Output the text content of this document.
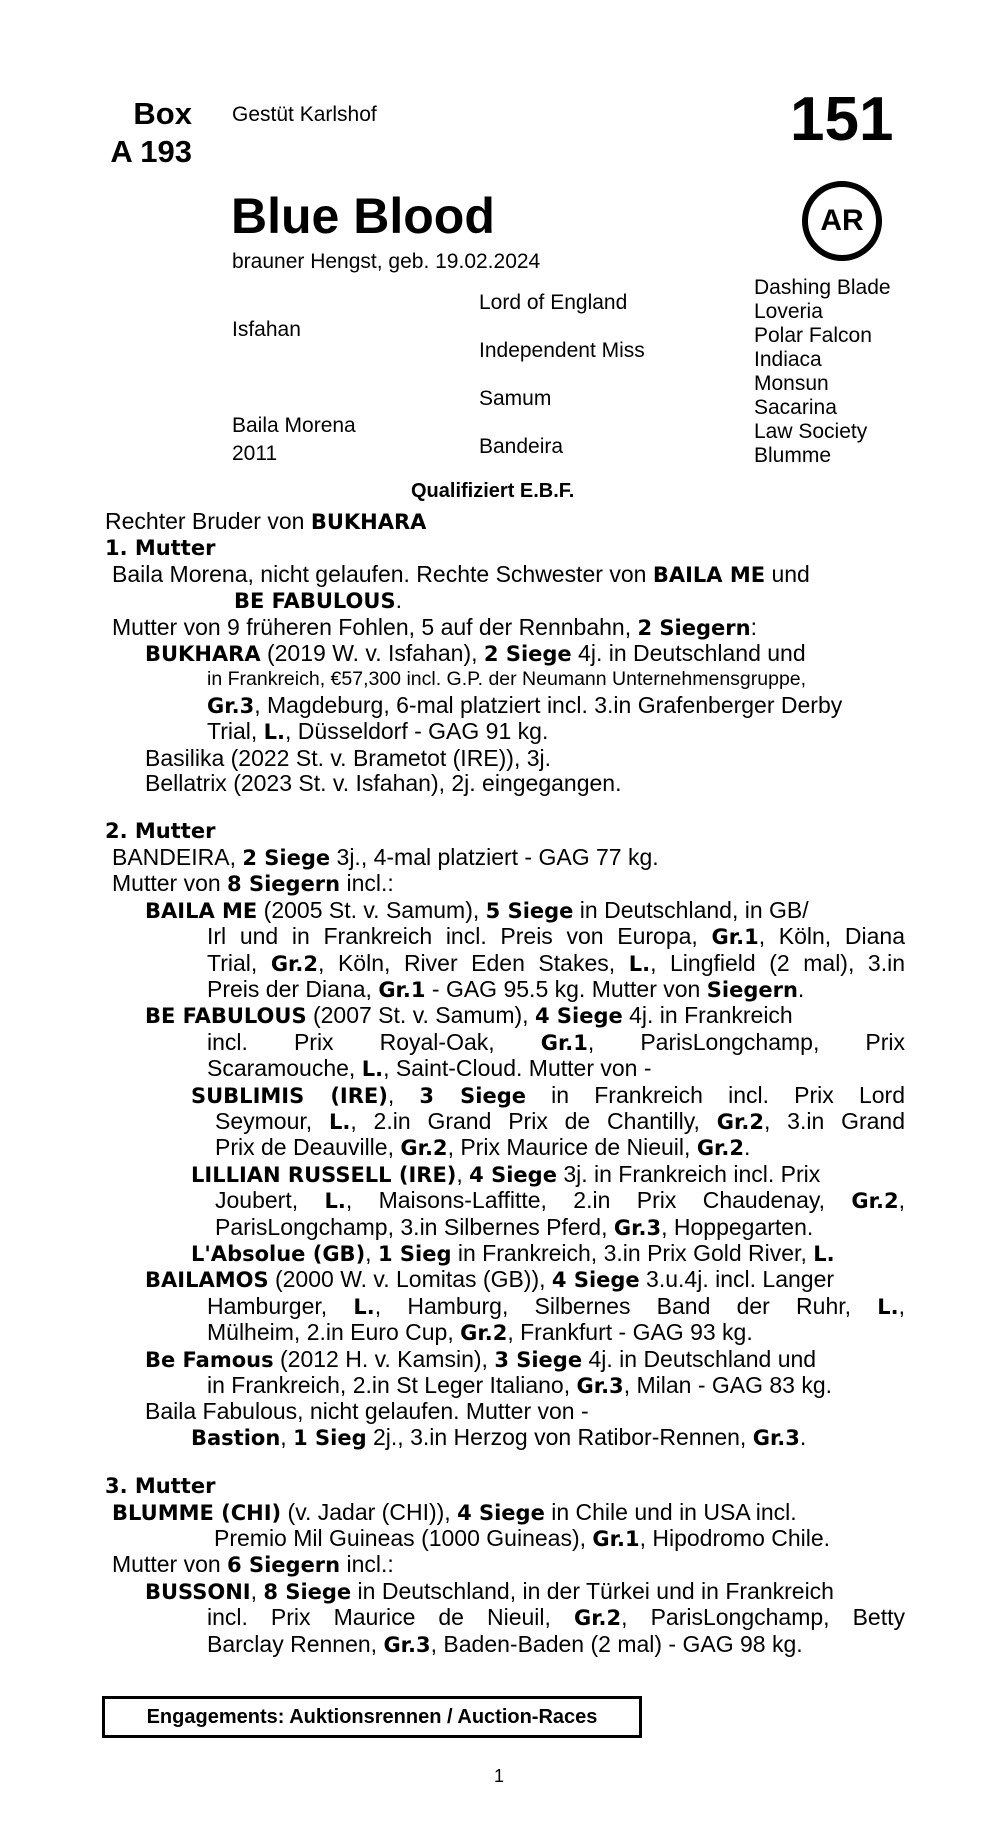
Box
A 193
Gestüt Karlshof	151
AR
Blue Blood
brauner Hengst, geb. 19.02.2024
Isfahan
Baila Morena
2011
Lord of England
Independent Miss
Samum
Bandeira
Dashing Blade
Loveria
Polar Falcon
Indiaca
Monsun
Sacarina
Law Society
Blumme
Qualifiziert E.B.F.
Rechter Bruder von BUKHARA
1. Mutter
Baila Morena, nicht gelaufen. Rechte Schwester von BAILA ME und
BE FABULOUS.
Mutter von 9 früheren Fohlen, 5 auf der Rennbahn, 2 Siegern:
BUKHARA (2019 W. v. Isfahan), 2 Siege 4j. in Deutschland und
in Frankreich, €57,300 incl. G.P. der Neumann Unternehmensgruppe,
Gr.3, Magdeburg, 6-mal platziert incl. 3.in Grafenberger Derby
Trial, L., Düsseldorf - GAG 91 kg.
Basilika (2022 St. v. Brametot (IRE)), 3j.
Bellatrix (2023 St. v. Isfahan), 2j. eingegangen.
2. Mutter
BANDEIRA, 2 Siege 3j., 4-mal platziert - GAG 77 kg.
Mutter von 8 Siegern incl.:
BAILA ME (2005 St. v. Samum), 5 Siege in Deutschland, in GB/
Irl und in Frankreich incl. Preis von Europa, Gr.1, Köln, Diana
Trial, Gr.2, Köln, River Eden Stakes, L., Lingfield (2 mal), 3.in
Preis der Diana, Gr.1 - GAG 95.5 kg. Mutter von Siegern.
BE FABULOUS (2007 St. v. Samum), 4 Siege 4j. in Frankreich
incl. Prix Royal-Oak, Gr.1, ParisLongchamp, Prix
Scaramouche, L., Saint-Cloud. Mutter von -
SUBLIMIS (IRE), 3 Siege in Frankreich incl. Prix Lord
Seymour, L., 2.in Grand Prix de Chantilly, Gr.2, 3.in Grand
Prix de Deauville, Gr.2, Prix Maurice de Nieuil, Gr.2.
LILLIAN RUSSELL (IRE), 4 Siege 3j. in Frankreich incl. Prix
Joubert, L., Maisons-Laffitte, 2.in Prix Chaudenay, Gr.2,
ParisLongchamp, 3.in Silbernes Pferd, Gr.3, Hoppegarten.
L'Absolue (GB), 1 Sieg in Frankreich, 3.in Prix Gold River, L.
BAILAMOS (2000 W. v. Lomitas (GB)), 4 Siege 3.u.4j. incl. Langer
Hamburger, L., Hamburg, Silbernes Band der Ruhr, L.,
Mülheim, 2.in Euro Cup, Gr.2, Frankfurt - GAG 93 kg.
Be Famous (2012 H. v. Kamsin), 3 Siege 4j. in Deutschland und
in Frankreich, 2.in St Leger Italiano, Gr.3, Milan - GAG 83 kg.
Baila Fabulous, nicht gelaufen. Mutter von -
Bastion, 1 Sieg 2j., 3.in Herzog von Ratibor-Rennen, Gr.3.
3. Mutter
BLUMME (CHI) (v. Jadar (CHI)), 4 Siege in Chile und in USA incl.
Premio Mil Guineas (1000 Guineas), Gr.1, Hipodromo Chile.
Mutter von 6 Siegern incl.:
BUSSONI, 8 Siege in Deutschland, in der Türkei und in Frankreich
incl. Prix Maurice de Nieuil, Gr.2, ParisLongchamp, Betty
Barclay Rennen, Gr.3, Baden-Baden (2 mal) - GAG 98 kg.
Engagements: Auktionsrennen / Auction-Races
1
